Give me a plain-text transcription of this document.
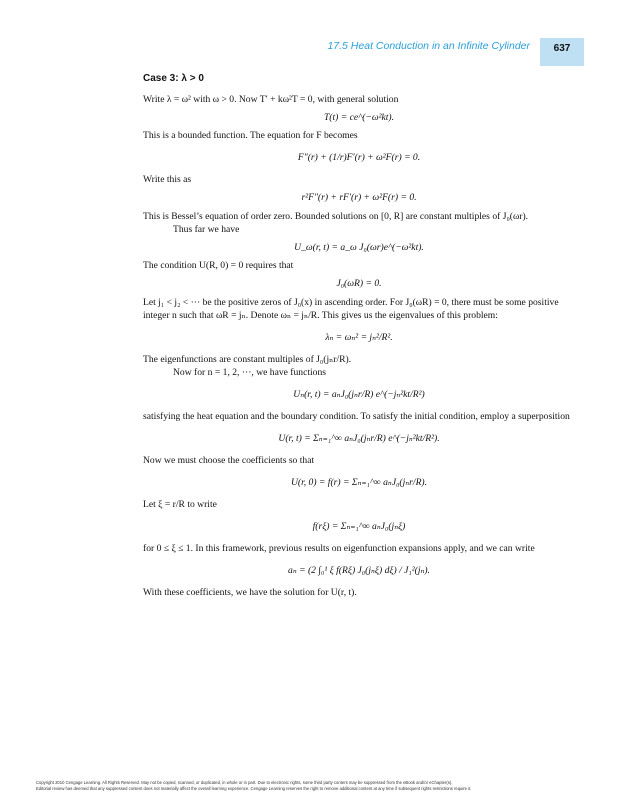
17.5 Heat Conduction in an Infinite Cylinder	637

Case 3: λ > 0

Write λ = ω² with ω > 0. Now T′ + kω²T = 0, with general solution

T(t) = ce^(−ω²kt).

This is a bounded function. The equation for F becomes

F″(r) + (1/r)F′(r) + ω²F(r) = 0.

Write this as

r²F″(r) + rF′(r) + ω²F(r) = 0.

This is Bessel’s equation of order zero. Bounded solutions on [0, R] are constant multiples of J₀(ωr).

Thus far we have

U_ω(r, t) = a_ω J₀(ωr)e^(−ω²kt).

The condition U(R, 0) = 0 requires that

J₀(ωR) = 0.

Let j₁ < j₂ < ··· be the positive zeros of J₀(x) in ascending order. For J₀(ωR) = 0, there must be some positive integer n such that ωR = jₙ. Denote ωₙ = jₙ/R. This gives us the eigenvalues of this problem:

λₙ = ωₙ² = jₙ²/R².

The eigenfunctions are constant multiples of J₀(jₙr/R).

Now for n = 1, 2, ···, we have functions

Uₙ(r, t) = aₙJ₀(jₙr/R) e^(−jₙ²kt/R²)

satisfying the heat equation and the boundary condition. To satisfy the initial condition, employ a superposition

U(r, t) = Σₙ₌₁^∞ aₙJ₀(jₙr/R) e^(−jₙ²kt/R²).

Now we must choose the coefficients so that

U(r, 0) = f(r) = Σₙ₌₁^∞ aₙJ₀(jₙr/R).

Let ξ = r/R to write

f(rξ) = Σₙ₌₁^∞ aₙJ₀(jₙξ)

for 0 ≤ ξ ≤ 1. In this framework, previous results on eigenfunction expansions apply, and we can write

aₙ = (2 ∫₀¹ ξ f(Rξ) J₀(jₙξ) dξ) / J₁²(jₙ).

With these coefficients, we have the solution for U(r, t).

Copyright 2010 Cengage Learning. All Rights Reserved. May not be copied, scanned, or duplicated, in whole or in part. Due to electronic rights, some third party content may be suppressed from the eBook and/or eChapter(s).
Editorial review has deemed that any suppressed content does not materially affect the overall learning experience. Cengage Learning reserves the right to remove additional content at any time if subsequent rights restrictions require it.
